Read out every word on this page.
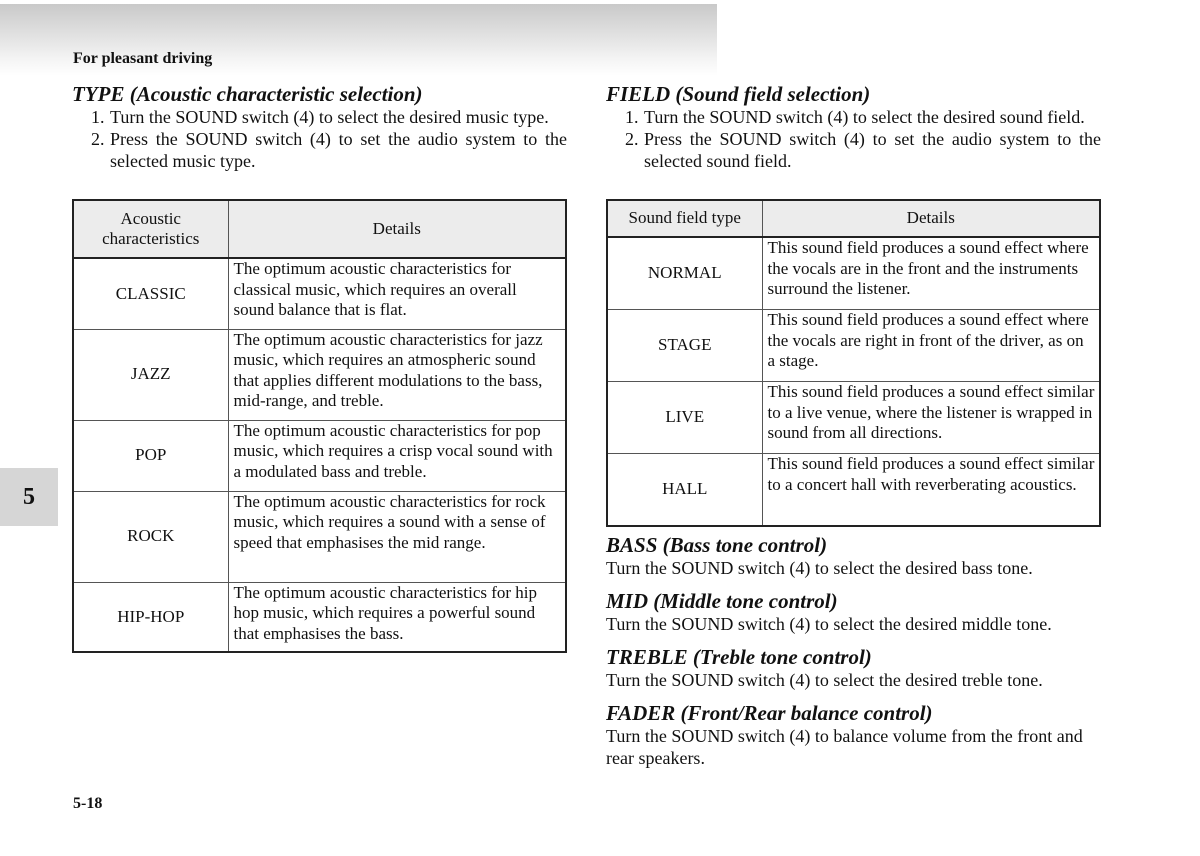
For pleasant driving
5
5-18
TYPE (Acoustic characteristic selection)
1. Turn the SOUND switch (4) to select the desired music type.
2. Press the SOUND switch (4) to set the audio system to the selected music type.
Acoustic characteristics	Details
CLASSIC	The optimum acoustic characteristics for classical music, which requires an overall sound balance that is flat.
JAZZ	The optimum acoustic characteristics for jazz music, which requires an atmospheric sound that applies different modulations to the bass, mid-range, and treble.
POP	The optimum acoustic characteristics for pop music, which requires a crisp vocal sound with a modulated bass and treble.
ROCK	The optimum acoustic characteristics for rock music, which requires a sound with a sense of speed that emphasises the mid range.
HIP-HOP	The optimum acoustic characteristics for hip hop music, which requires a powerful sound that emphasises the bass.
FIELD (Sound field selection)
1. Turn the SOUND switch (4) to select the desired sound field.
2. Press the SOUND switch (4) to set the audio system to the selected sound field.
Sound field type	Details
NORMAL	This sound field produces a sound effect where the vocals are in the front and the instruments surround the listener.
STAGE	This sound field produces a sound effect where the vocals are right in front of the driver, as on a stage.
LIVE	This sound field produces a sound effect similar to a live venue, where the listener is wrapped in sound from all directions.
HALL	This sound field produces a sound effect similar to a concert hall with reverberating acoustics.
BASS (Bass tone control)

Turn the SOUND switch (4) to select the desired bass tone.

MID (Middle tone control)

Turn the SOUND switch (4) to select the desired middle tone.

TREBLE (Treble tone control)

Turn the SOUND switch (4) to select the desired treble tone.

FADER (Front/Rear balance control)

Turn the SOUND switch (4) to balance volume from the front and rear speakers.
